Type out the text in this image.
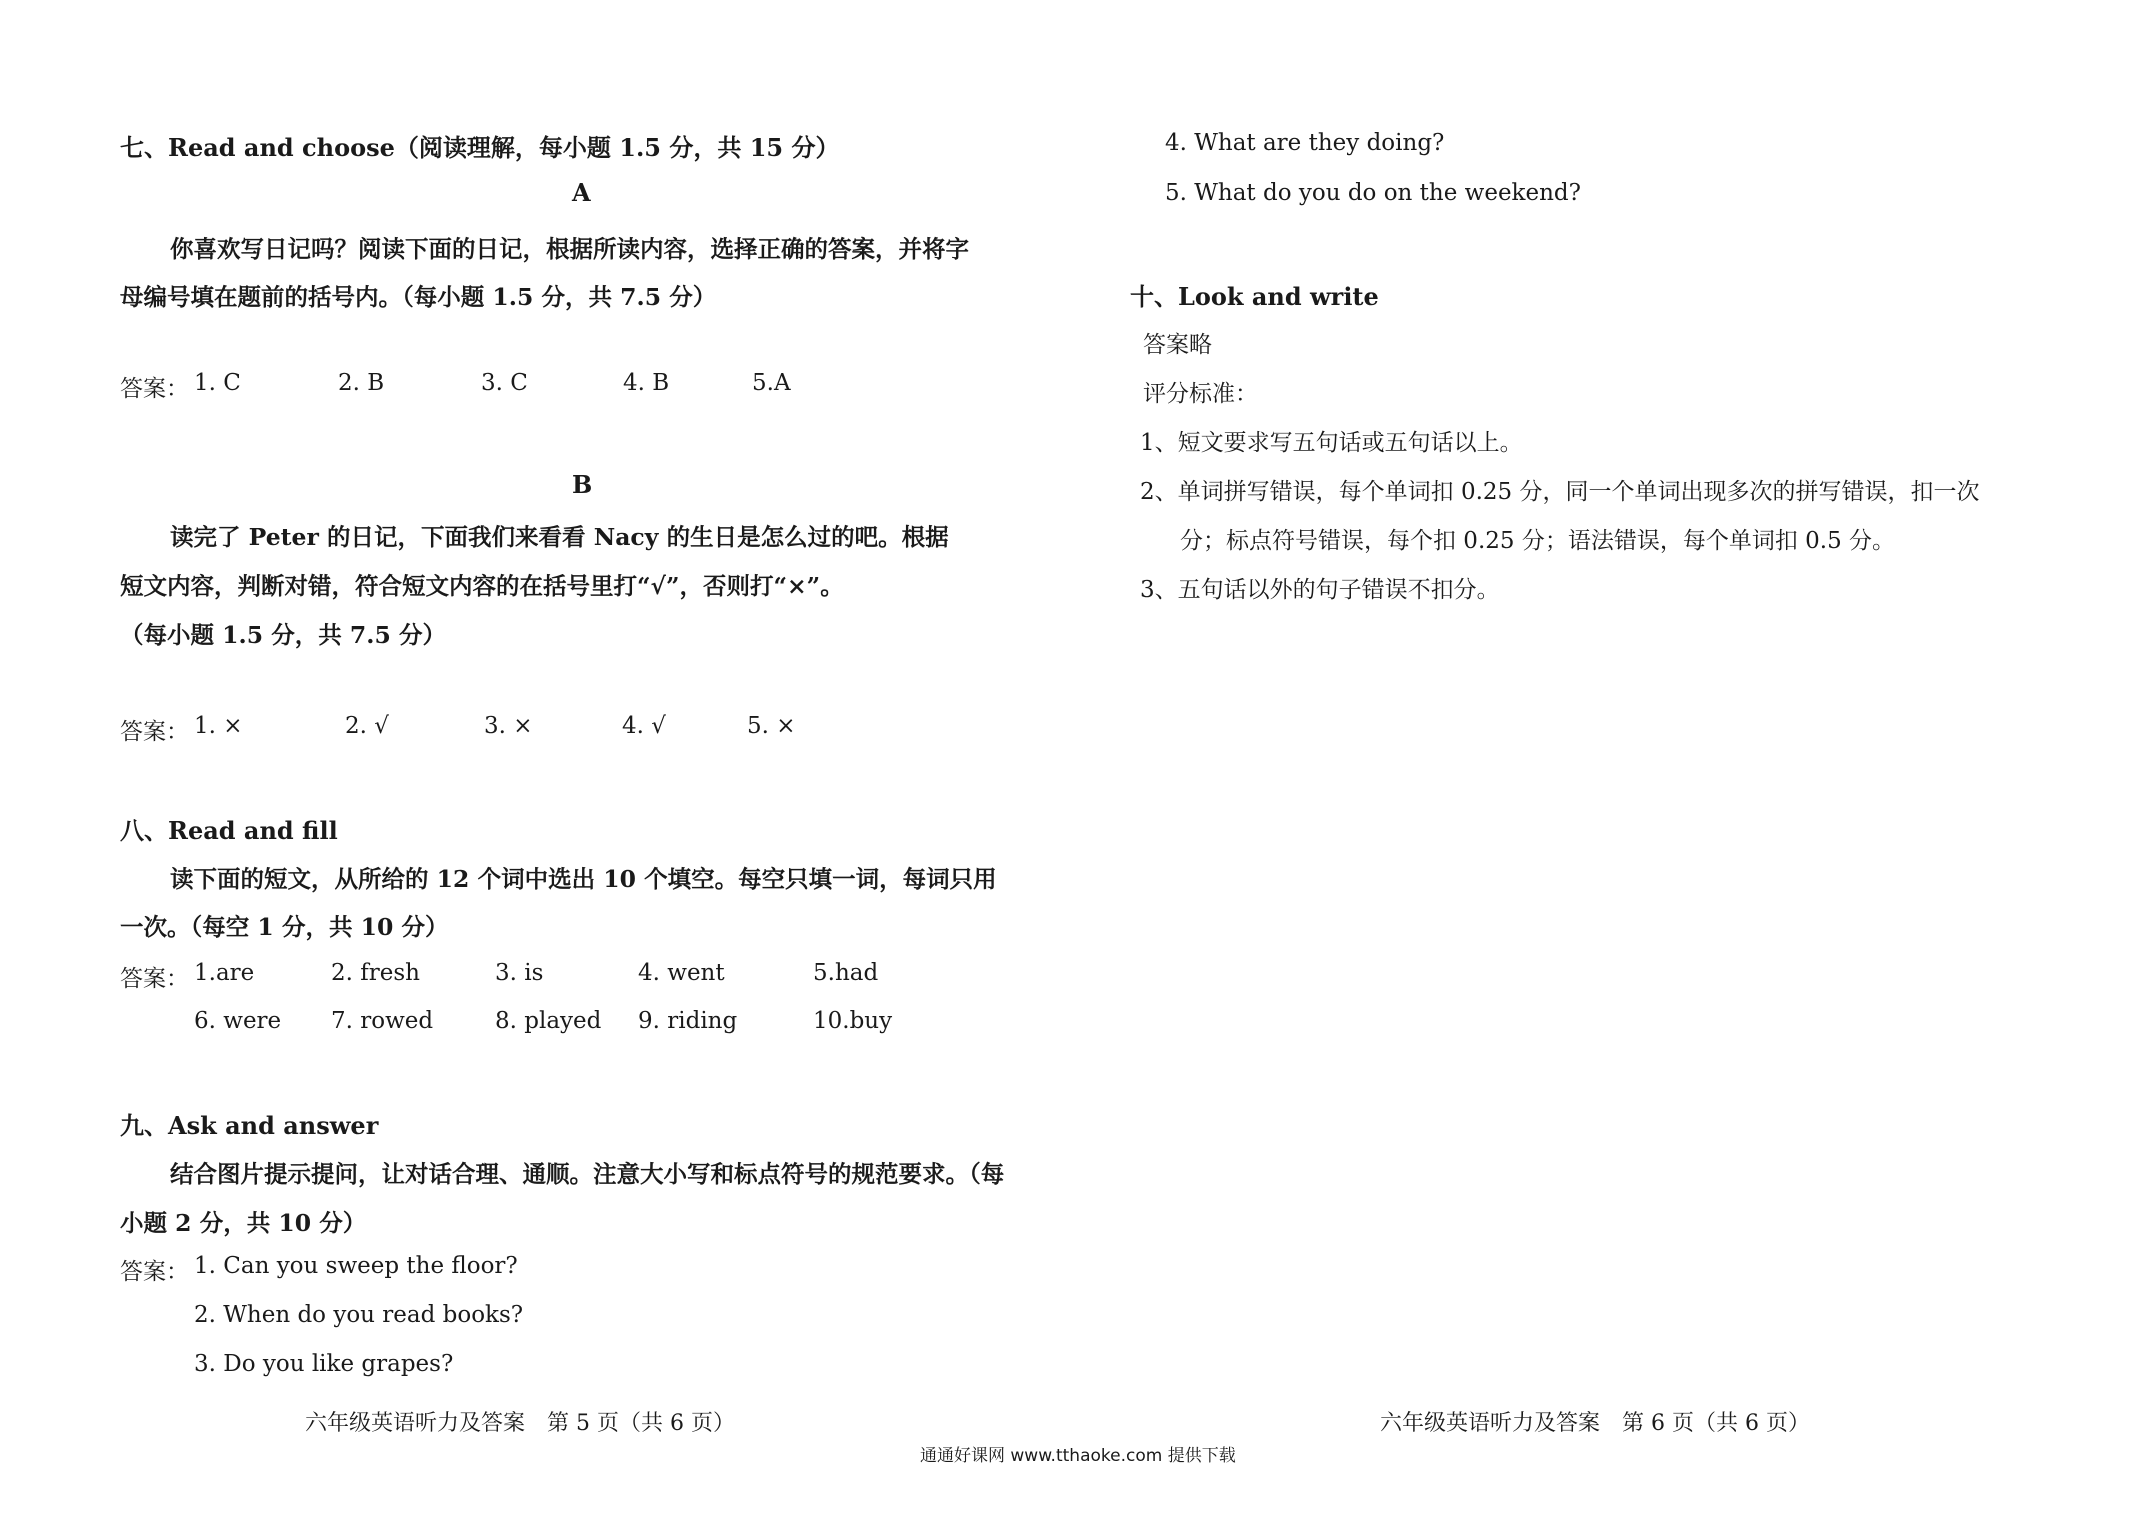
七、Read and choose（阅读理解，每小题 1.5 分，共 15 分）
A
你喜欢写日记吗？阅读下面的日记，根据所读内容，选择正确的答案，并将字
母编号填在题前的括号内。（每小题 1.5 分，共 7.5 分）
答案： 1. C	2. B	3. C	4. B	5.A
B
读完了 Peter 的日记，下面我们来看看 Nacy 的生日是怎么过的吧。根据
短文内容，判断对错，符合短文内容的在括号里打“√”，否则打“×”。
（每小题 1.5 分，共 7.5 分）
答案： 1. ×	2. √	3. ×	4. √	5. ×
八、Read and fill
读下面的短文，从所给的 12 个词中选出 10 个填空。每空只填一词，每词只用
一次。（每空 1 分，共 10 分）
答案： 1.are	2. fresh	3. is	4. went	5.had
6. were 7. rowed	8. played 9. riding	10.buy
九、Ask and answer
结合图片提示提问，让对话合理、通顺。注意大小写和标点符号的规范要求。（每
小题 2 分，共 10 分）
答案： 1. Can you sweep the floor?
2. When do you read books?
3. Do you like grapes?
六年级英语听力及答案　第 5 页（共 6 页）
4. What are they doing?
5. What do you do on the weekend?
十、Look and write
答案略
评分标准：
1、短文要求写五句话或五句话以上。
2、单词拼写错误，每个单词扣 0.25 分，同一个单词出现多次的拼写错误，扣一次
分；标点符号错误，每个扣 0.25 分；语法错误，每个单词扣 0.5 分。
3、五句话以外的句子错误不扣分。
六年级英语听力及答案　第 6 页（共 6 页）
通通好课网 www.tthaoke.com 提供下载
